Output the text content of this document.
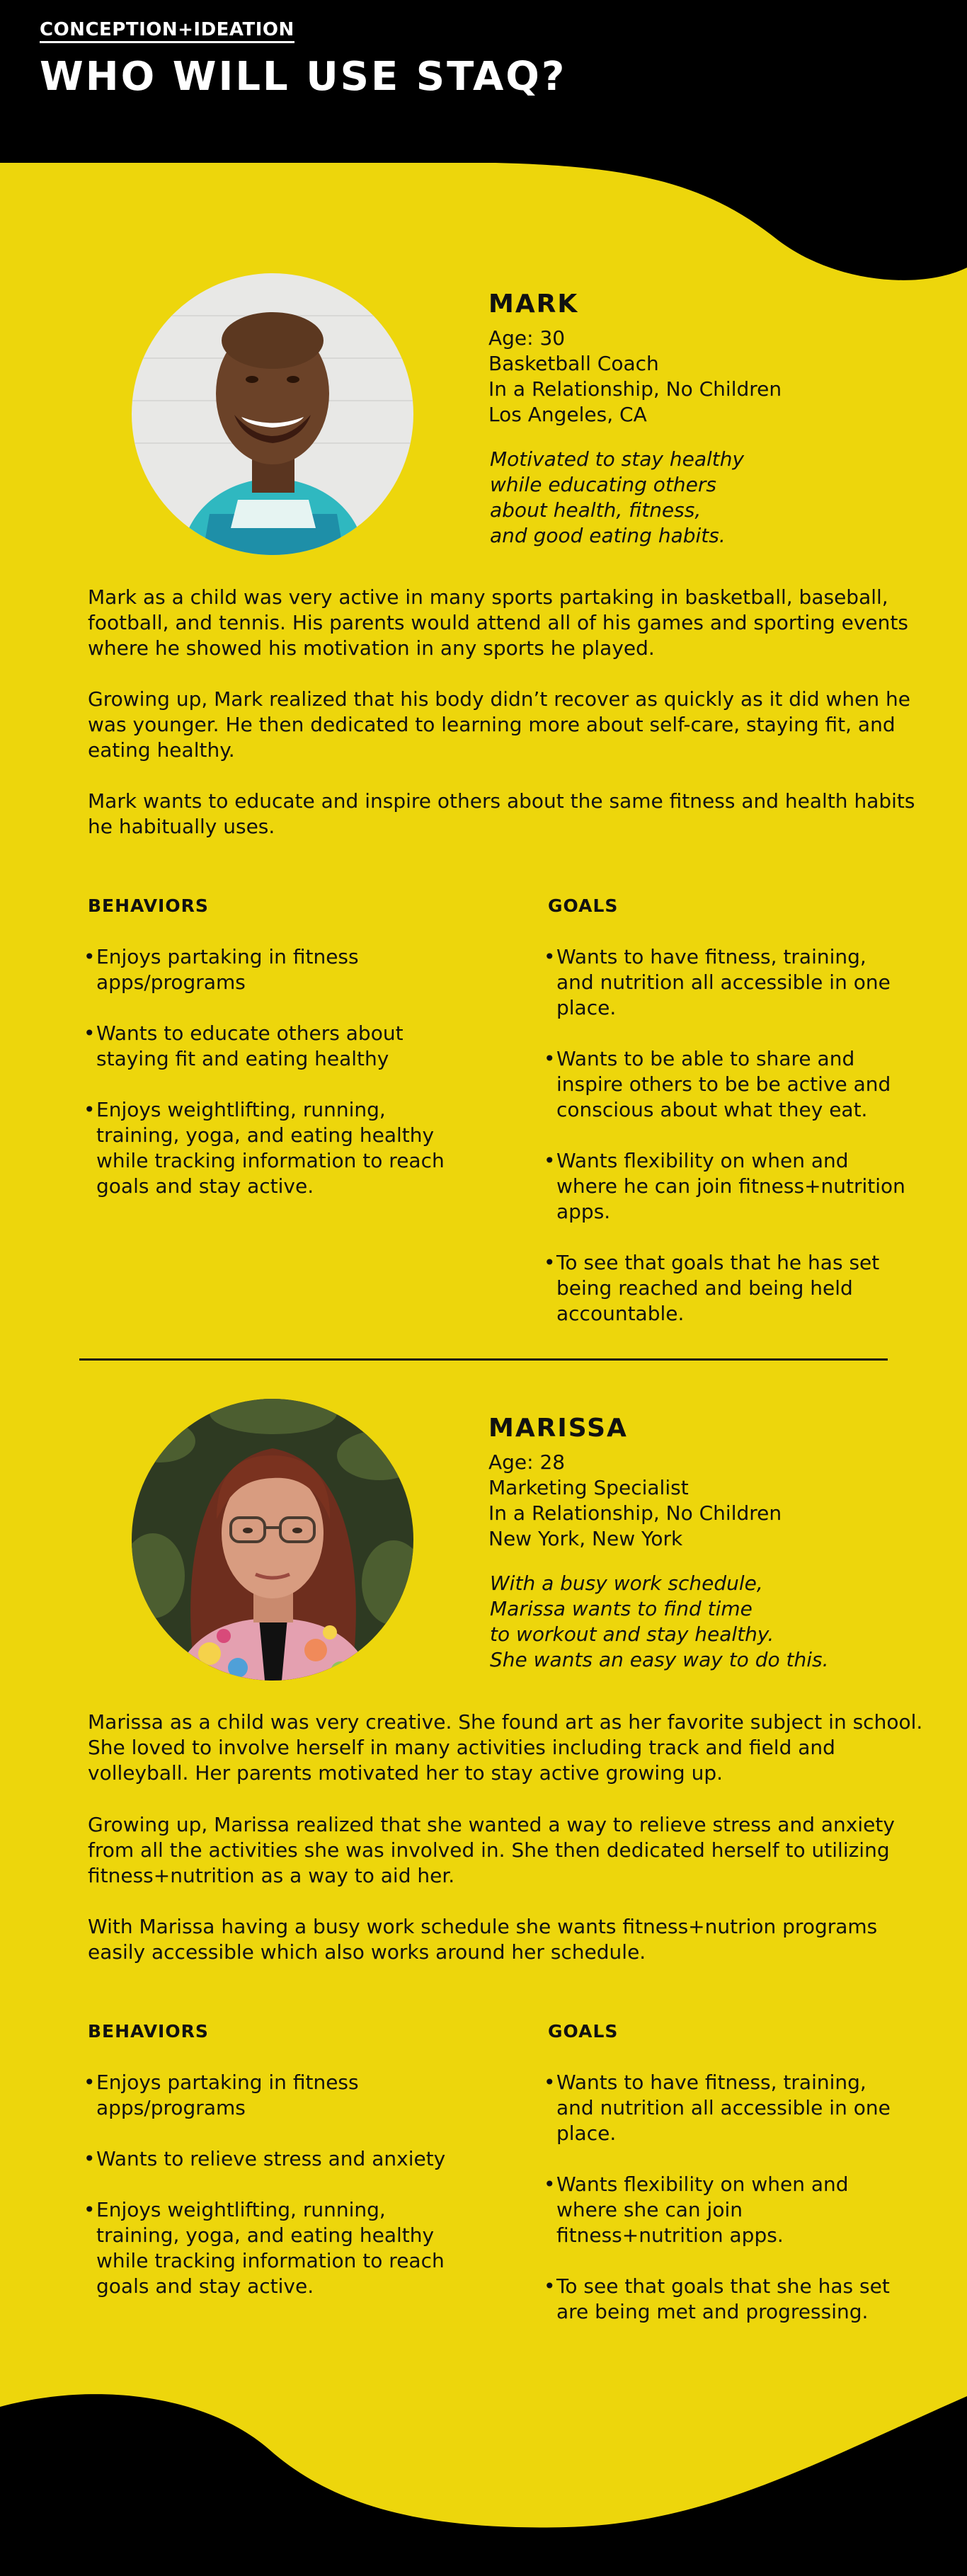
CONCEPTION+IDEATION
WHO WILL USE STAQ?
MARK
Age: 30
Basketball Coach
In a Relationship, No Children
Los Angeles, CA
Motivated to stay healthy
while educating others
about health, fitness,
and good eating habits.

Mark as a child was very active in many sports partaking in basketball, baseball, football, and tennis. His parents would attend all of his games and sporting events where he showed his motivation in any sports he played.

Growing up, Mark realized that his body didn’t recover as quickly as it did when he was younger. He then dedicated to learning more about self-care, staying fit, and eating healthy.

Mark wants to educate and inspire others about the same fitness and health habits he habitually uses.

BEHAVIORS
• Enjoys partaking in fitness apps/programs
• Wants to educate others about staying fit and eating healthy
• Enjoys weightlifting, running, training, yoga, and eating healthy while tracking information to reach goals and stay active.
GOALS
• Wants to have fitness, training, and nutrition all accessible in one place.
• Wants to be able to share and inspire others to be be active and conscious about what they eat.
• Wants flexibility on when and where he can join fitness+nutrition apps.
• To see that goals that he has set being reached and being held accountable.
MARISSA
Age: 28
Marketing Specialist
In a Relationship, No Children
New York, New York
With a busy work schedule,
Marissa wants to find time
to workout and stay healthy.
She wants an easy way to do this.

Marissa as a child was very creative. She found art as her favorite subject in school. She loved to involve herself in many activities including track and field and volleyball. Her parents motivated her to stay active growing up.

Growing up, Marissa realized that she wanted a way to relieve stress and anxiety from all the activities she was involved in. She then dedicated herself to utilizing fitness+nutrition as a way to aid her.

With Marissa having a busy work schedule she wants fitness+nutrion programs easily accessible which also works around her schedule.

BEHAVIORS
• Enjoys partaking in fitness apps/programs
• Wants to relieve stress and anxiety
• Enjoys weightlifting, running, training, yoga, and eating healthy while tracking information to reach goals and stay active.
GOALS
• Wants to have fitness, training, and nutrition all accessible in one place.
• Wants flexibility on when and where she can join fitness+nutrition apps.
• To see that goals that she has set are being met and progressing.
